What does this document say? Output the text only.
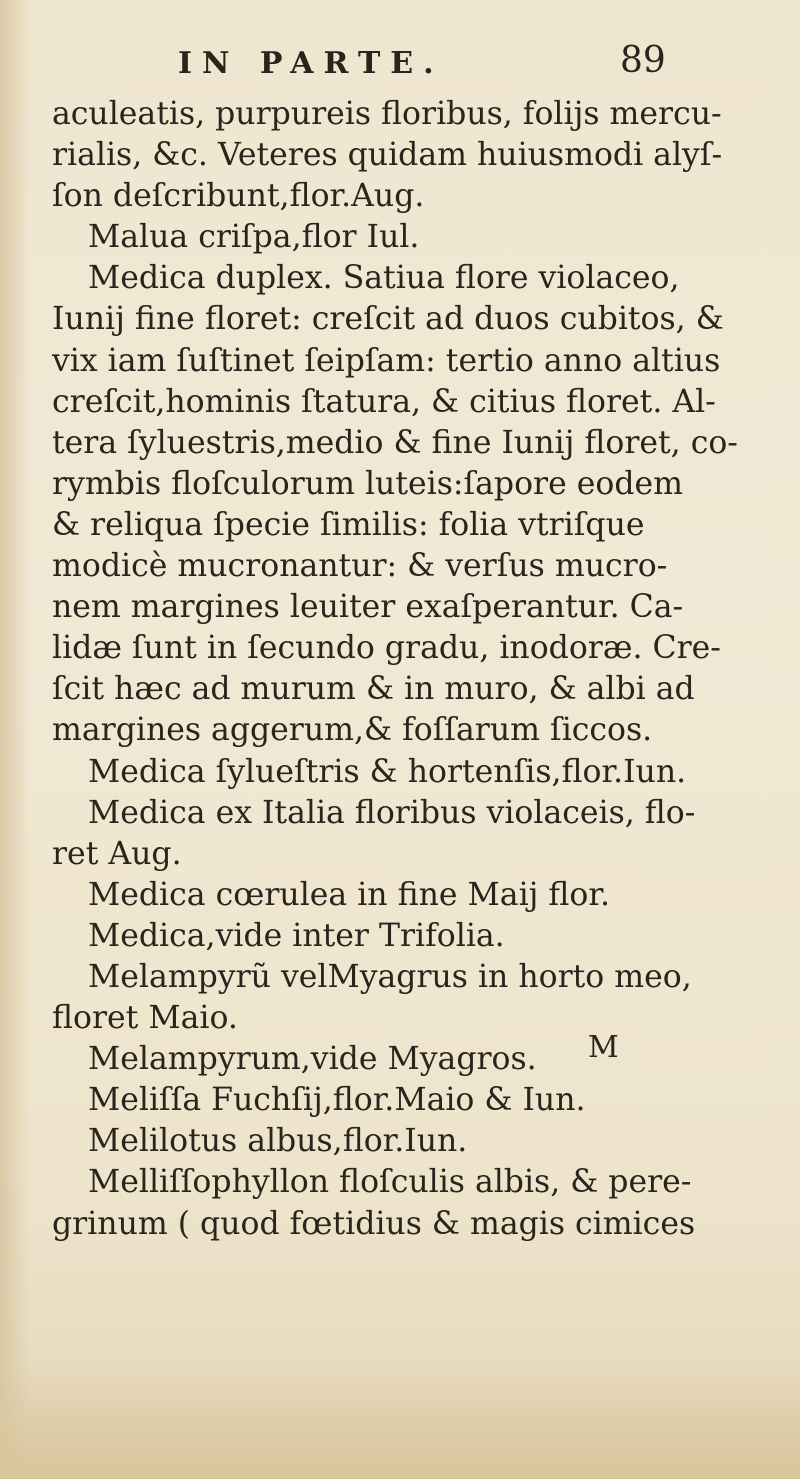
IN PARTE.	89
aculeatis, purpureis floribus, folijs mercu-
rialis, &c. Veteres quidam huiusmodi alyſ-
ſon deſcribunt,flor.Aug.
Malua criſpa,flor Iul.
Medica duplex. Satiua flore violaceo,
Iunij fine floret: creſcit ad duos cubitos, &
vix iam ſuſtinet ſeipſam: tertio anno altius
creſcit,hominis ſtatura, & citius floret. Al-
tera ſyluestris,medio & fine Iunij floret, co-
rymbis floſculorum luteis:ſapore eodem
& reliqua ſpecie ſimilis: folia vtriſque
modicè mucronantur: & verſus mucro-
nem margines leuiter exaſperantur. Ca-
lidæ ſunt in ſecundo gradu, inodoræ. Cre-
ſcit hæc ad murum & in muro, & albi ad
margines aggerum,& foſſarum ſiccos.
Medica ſylueſtris & hortenſis,flor.Iun.
Medica ex Italia floribus violaceis, flo-
ret Aug.
Medica cœrulea in fine Maij flor.
Medica,vide inter Trifolia.
Melampyrũ velMyagrus in horto meo,
floret Maio.
Melampyrum,vide Myagros.
Meliſſa Fuchſij,flor.Maio & Iun.
Melilotus albus,flor.Iun.
Melliſſophyllon floſculis albis, & pere-
grinum ( quod fœtidius & magis cimices
M
